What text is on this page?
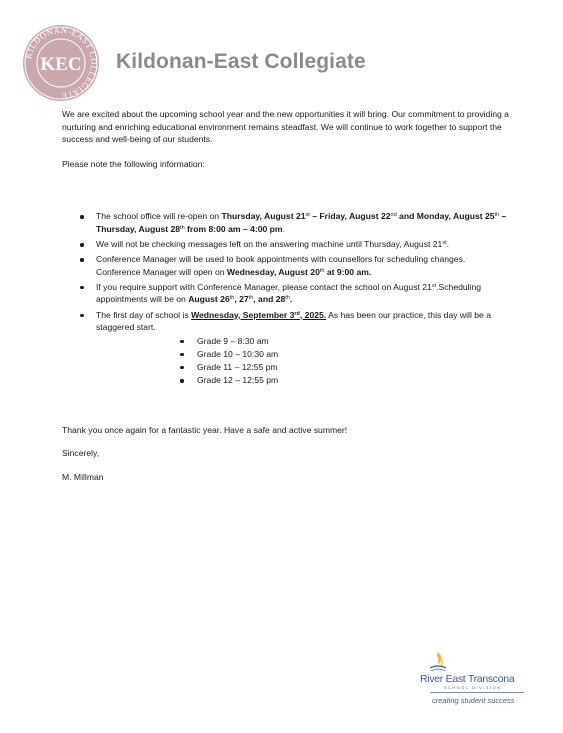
KILDONAN-EAST COLLEGIATE
KEC Kildonan-East Collegiate

We are excited about the upcoming school year and the new opportunities it will bring. Our commitment to providing a nurturing and enriching educational environment remains steadfast. We will continue to work together to support the success and well-being of our students.

Please note the following information:

The school office will re-open on Thursday, August 21st – Friday, August 22nd and Monday, August 25th – Thursday, August 28th from 8:00 am – 4:00 pm.
We will not be checking messages left on the answering machine until Thursday, August 21st.
Conference Manager will be used to book appointments with counsellors for scheduling changes. Conference Manager will open on Wednesday, August 20th at 9:00 am.
If you require support with Conference Manager, please contact the school on August 21st.Scheduling appointments will be on August 26th, 27th, and 28th.
The first day of school is Wednesday, September 3rd, 2025. As has been our practice, this day will be a staggered start.
Grade 9 – 8:30 am
Grade 10 – 10:30 am
Grade 11 – 12:55 pm
Grade 12 – 12:55 pm

Thank you once again for a fantastic year. Have a safe and active summer!

Sincerely,

M. Millman

River East Transcona
SCHOOL DIVISION
creating student success
